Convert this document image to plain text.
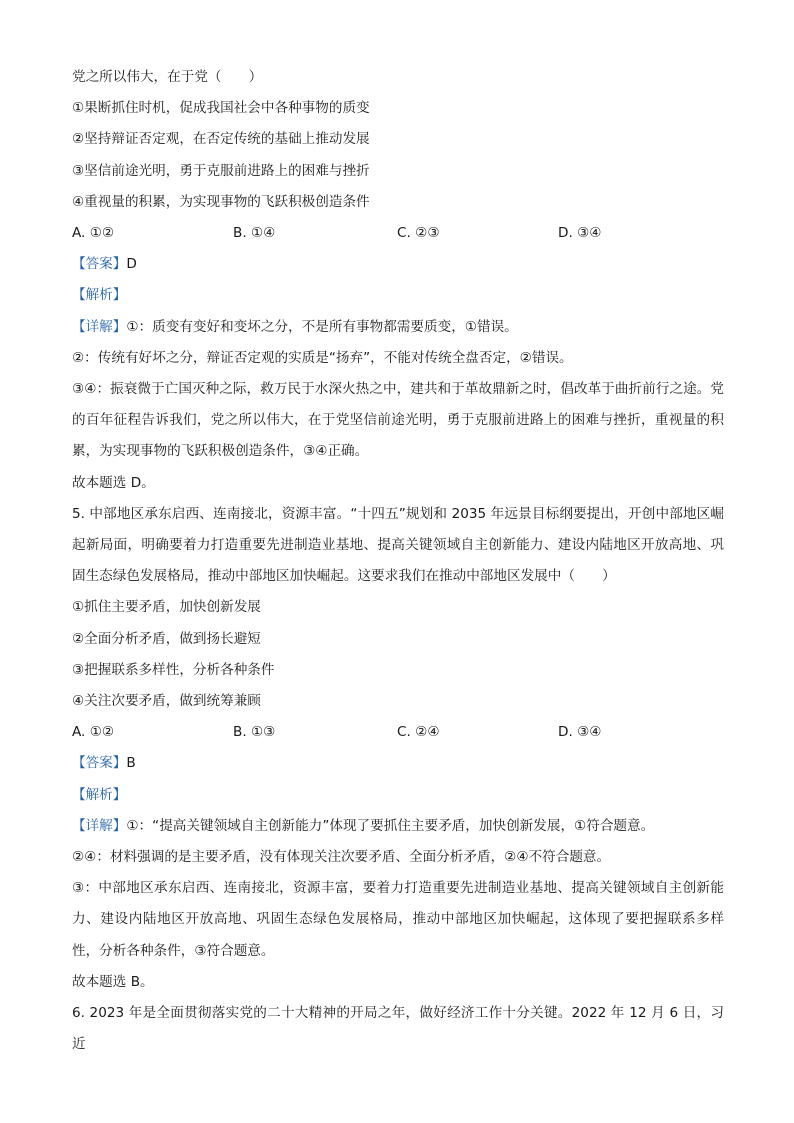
党之所以伟大，在于党（　　）

①果断抓住时机，促成我国社会中各种事物的质变

②坚持辩证否定观，在否定传统的基础上推动发展

③坚信前途光明，勇于克服前进路上的困难与挫折

④重视量的积累，为实现事物的飞跃积极创造条件

A. ①②	B. ①④	C. ②③	D. ③④

【答案】D

【解析】

【详解】①：质变有变好和变坏之分，不是所有事物都需要质变，①错误。

②：传统有好坏之分，辩证否定观的实质是“扬弃”，不能对传统全盘否定，②错误。

③④：振衰微于亡国灭种之际，救万民于水深火热之中，建共和于革故鼎新之时，倡改革于曲折前行之途。党的百年征程告诉我们，党之所以伟大，在于党坚信前途光明，勇于克服前进路上的困难与挫折，重视量的积累，为实现事物的飞跃积极创造条件，③④正确。

故本题选 D。

5. 中部地区承东启西、连南接北，资源丰富。“十四五”规划和 2035 年远景目标纲要提出，开创中部地区崛起新局面，明确要着力打造重要先进制造业基地、提高关键领域自主创新能力、建设内陆地区开放高地、巩固生态绿色发展格局，推动中部地区加快崛起。这要求我们在推动中部地区发展中（　　）

①抓住主要矛盾，加快创新发展

②全面分析矛盾，做到扬长避短

③把握联系多样性，分析各种条件

④关注次要矛盾，做到统筹兼顾

A. ①②	B. ①③	C. ②④	D. ③④

【答案】B

【解析】

【详解】①：“提高关键领域自主创新能力”体现了要抓住主要矛盾，加快创新发展，①符合题意。

②④：材料强调的是主要矛盾，没有体现关注次要矛盾、全面分析矛盾，②④不符合题意。

③：中部地区承东启西、连南接北，资源丰富，要着力打造重要先进制造业基地、提高关键领域自主创新能力、建设内陆地区开放高地、巩固生态绿色发展格局，推动中部地区加快崛起，这体现了要把握联系多样性，分析各种条件，③符合题意。

故本题选 B。

6. 2023 年是全面贯彻落实党的二十大精神的开局之年，做好经济工作十分关键。2022 年 12 月 6 日，习近
